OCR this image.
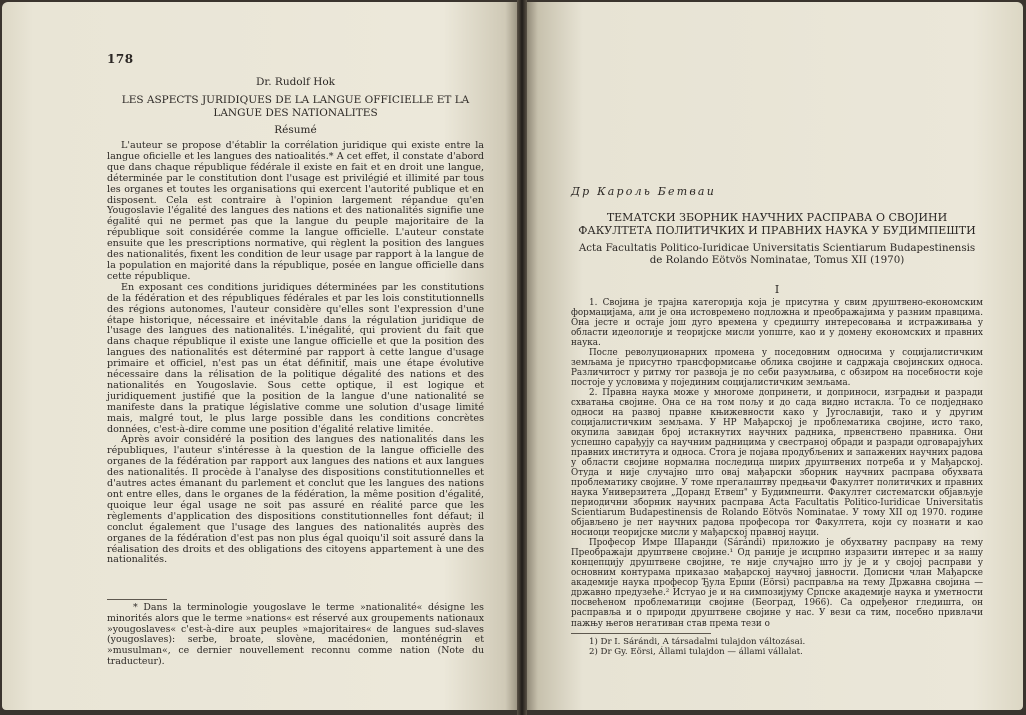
178
Dr. Rudolf Hok
LES ASPECTS JURIDIQUES DE LA LANGUE OFFICIELLE ET LA LANGUE DES NATIONALITES
Résumé

L'auteur se propose d'établir la corrélation juridique qui existe entre la langue oficielle et les langues des natioalités.* A cet effet, il constate d'abord que dans chaque république fédérale il existe en fait et en droit une langue, déterminée par le constitution dont l'usage est privilégié et illimité par tous les organes et toutes les organisations qui exercent l'autorité publique et en disposent. Cela est contraire à l'opinion largement répandue qu'en Yougoslavie l'égalité des langues des nations et des nationalités signifie une égalité qui ne permet pas que la langue du peuple majoritaire de la république soit considérée comme la langue officielle. L'auteur constate ensuite que les prescriptions normative, qui règlent la position des langues des nationalités, fixent les condition de leur usage par rapport à la langue de la population en majorité dans la république, posée en langue officielle dans cette république.

En exposant ces conditions juridiques déterminées par les constitutions de la fédération et des républiques fédérales et par les lois constitutionnells des régions autonomes, l'auteur considère qu'elles sont l'expression d'une étape historique, nécessaire et inévitable dans la régulation juridique de l'usage des langues des nationalités. L'inégalité, qui provient du fait que dans chaque république il existe une langue officielle et que la position des langues des nationalités est déterminé par rapport à cette langue d'usage primaire et officiel, n'est pas un état définitif, mais une étape évolutive nécessaire dans la rélisation de la politique dégalité des nations et des nationalités en Yougoslavie. Sous cette optique, il est logique et juridiquement justifié que la position de la langue d'une nationalité se manifeste dans la pratique législative comme une solution d'usage limité mais, malgré tout, le plus large possible dans les conditions concrètes données, c'est-à-dire comme une position d'égalité relative limitée.

Après avoir considéré la position des langues des nationalités dans les républiques, l'auteur s'intéresse à la question de la langue officielle des organes de la fédération par rapport aux langues des nations et aux langues des nationalités. Il procède à l'analyse des dispositions constitutionnelles et d'autres actes émanant du parlement et conclut que les langues des nations ont entre elles, dans le organes de la fédération, la même position d'égalité, quoique leur égal usage ne soit pas assuré en réalité parce que les règlements d'application des dispositions constitutionnelles font défaut; il conclut également que l'usage des langues des nationalités auprès des organes de la fédération d'est pas non plus égal quoiqu'il soit assuré dans la réalisation des droits et des obligations des citoyens appartement à une des nationalités.

* Dans la terminologie yougoslave le terme »nationalité« désigne les minorités alors que le terme »nations« est réservé aux groupements nationaux »yougoslaves« c'est-à-dire aux peuples »majoritaires« de langues sud-slaves (yougoslaves): serbe, broate, slovène, macédonien, monténégrin et »musulman«, ce dernier nouvellement reconnu comme nation (Note du traducteur).
Др Кароль Бетваи
ТЕМАТСКИ ЗБОРНИК НАУЧНИХ РАСПРАВА О СВОЈИНИ ФАКУЛТЕТА ПОЛИТИЧКИХ И ПРАВНИХ НАУКА У БУДИМПЕШТИ
Acta Facultatis Politico-Iuridicae Universitatis Scientiarum Budapestinensis de Rolando Eötvös Nominatae, Tomus XII (1970)
I

1. Својина је трајна категорија која је присутна у свим друштвено-економским формацијама, али је она истовремено подложна и преображајима у разним правцима. Она јесте и остаје још дуго времена у средишту интересовања и истраживања у области идеологије и теоријске мисли уопште, као и у домену економских и правних наука.

После револуционарних промена у поседовним односима у социјалистичким земљама је присутно трансформисање облика својине и садржаја својинских односа. Различитост у ритму тог развоја је по себи разумљива, с обзиром на посебности које постоје у условима у појединим социјалистичким земљама.

2. Правна наука може у многоме допринети, и доприноси, изградњи и разради схватања својине. Она се на том пољу и до сада видно истакла. То се подједнако односи на развој правне књижевности како у Југославији, тако и у другим социјалистичким земљама. У НР Мађарској је проблематика својине, исто тако, окупила завидан број истакнутих научних радника, првенствено правника. Они успешно сарађују са научним радницима у свестраној обради и разради одговарајућих правних института и односа. Стога је појава продубљених и запажених научних радова у области својине нормална последица ширих друштвених потреба и у Мађарској. Отуда и није случајно што овај мађарски зборник научних расправа обухвата проблематику својине. У томе прегалаштву предњачи Факултет политичких и правних наука Универзитета „Доранд Етвеш" у Будимпешти. Факултет систематски објављује периодични зборник научних расправа Acta Facultatis Politico-Iuridicae Universitatis Scientiarum Budapestinensis de Rolando Eötvös Nominatae. У тому XII од 1970. године објављено је пет научних радова професора тог Факултета, који су познати и као носиоци теоријске мисли у мађарској правној науци.

Професор Имре Шаранди (Sárándi) приложио је обухватну расправу на тему Преображаји друштвене својине.¹ Од раније је исцрпно изразити интерес и за нашу концепцију друштвене својине, те није случајно што ју је и у својој расправи у основним контурама приказао мађарској научној јавности. Дописни члан Мађарске академије наука професор Ђула Ерши (Eörsi) расправља на тему Државна својина — државно предузеће.² Истуао је и на симпозијуму Српске академије наука и уметности посвећеном проблематици својине (Београд, 1966). Са одређеног гледишта, он расправља и о природи друштвене својине у нас. У вези са тим, посебно привлачи пажњу његов негативан став према тези о

1) Dr I. Sárándi, A társadalmi tulajdon változásai.
2) Dr Gy. Eörsi, Állami tulajdon — állami vállalat.
